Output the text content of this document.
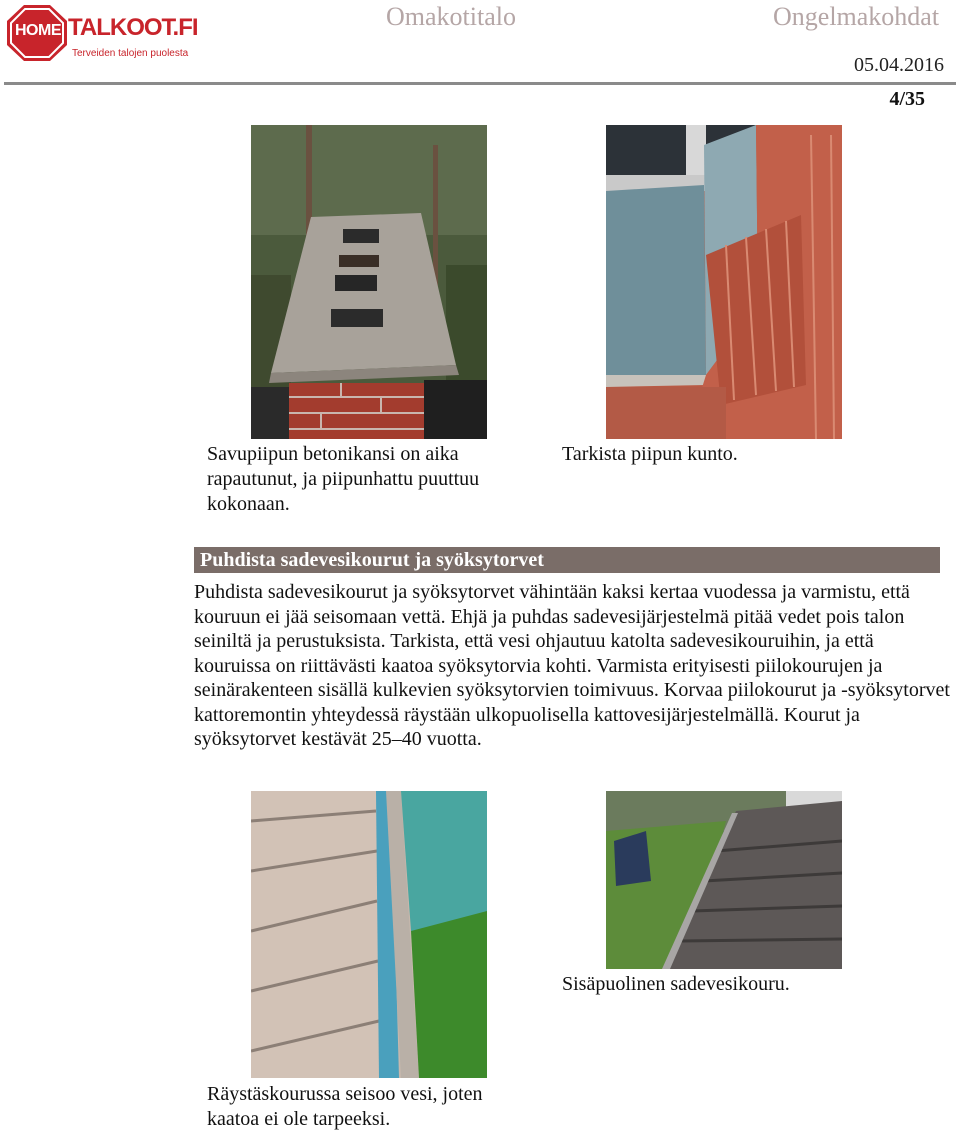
HOME TALKOOT.FI
Terveiden talojen puolesta
Omakotitalo	Ongelmakohdat
05.04.2016
4/35
Savupiipun betonikansi on aika rapautunut, ja piipunhattu puuttuu kokonaan.
Tarkista piipun kunto.
Puhdista sadevesikourut ja syöksytorvet
Puhdista sadevesikourut ja syöksytorvet vähintään kaksi kertaa vuodessa ja varmistu, että kouruun ei jää seisomaan vettä. Ehjä ja puhdas sadevesijärjestelmä pitää vedet pois talon seiniltä ja perustuksista. Tarkista, että vesi ohjautuu katolta sadevesikouruihin, ja että kouruissa on riittävästi kaatoa syöksytorvia kohti. Varmista erityisesti piilokourujen ja seinärakenteen sisällä kulkevien syöksytorvien toimivuus. Korvaa piilokourut ja -syöksytorvet kattoremontin yhteydessä räystään ulkopuolisella kattovesijärjestelmällä. Kourut ja syöksytorvet kestävät 25–40 vuotta.
Räystäskourussa seisoo vesi, joten kaatoa ei ole tarpeeksi.
Sisäpuolinen sadevesikouru.
